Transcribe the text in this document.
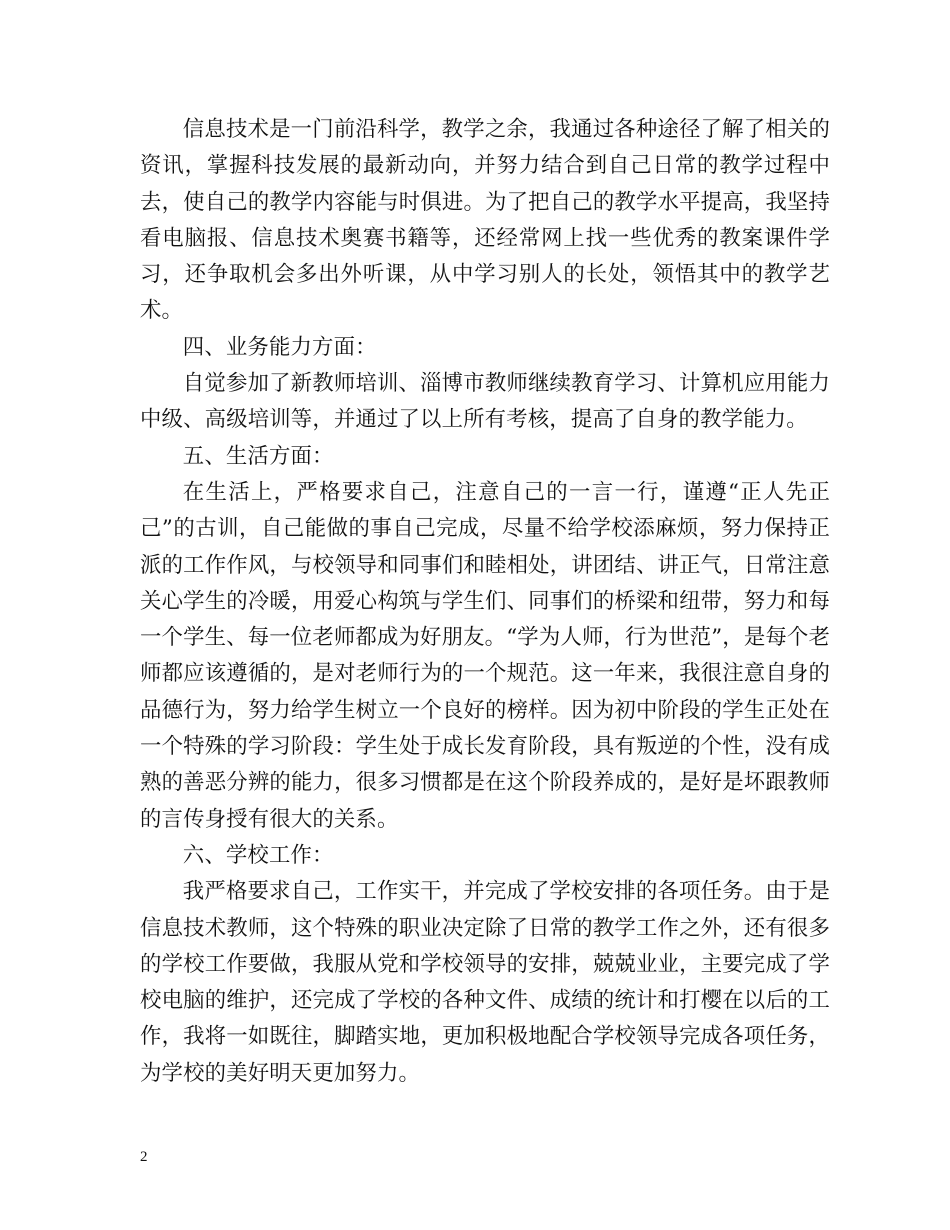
信息技术是一门前沿科学，教学之余，我通过各种途径了解了相关的资讯，掌握科技发展的最新动向，并努力结合到自己日常的教学过程中去，使自己的教学内容能与时俱进。为了把自己的教学水平提高，我坚持看电脑报、信息技术奥赛书籍等，还经常网上找一些优秀的教案课件学习，还争取机会多出外听课，从中学习别人的长处，领悟其中的教学艺术。

四、业务能力方面：

自觉参加了新教师培训、淄博市教师继续教育学习、计算机应用能力中级、高级培训等，并通过了以上所有考核，提高了自身的教学能力。

五、生活方面：

在生活上，严格要求自己，注意自己的一言一行，谨遵“正人先正己”的古训，自己能做的事自己完成，尽量不给学校添麻烦，努力保持正派的工作作风，与校领导和同事们和睦相处，讲团结、讲正气，日常注意关心学生的冷暖，用爱心构筑与学生们、同事们的桥梁和纽带，努力和每一个学生、每一位老师都成为好朋友。“学为人师，行为世范”，是每个老师都应该遵循的，是对老师行为的一个规范。这一年来，我很注意自身的品德行为，努力给学生树立一个良好的榜样。因为初中阶段的学生正处在一个特殊的学习阶段：学生处于成长发育阶段，具有叛逆的个性，没有成熟的善恶分辨的能力，很多习惯都是在这个阶段养成的，是好是坏跟教师的言传身授有很大的关系。

六、学校工作：

我严格要求自己，工作实干，并完成了学校安排的各项任务。由于是信息技术教师，这个特殊的职业决定除了日常的教学工作之外，还有很多的学校工作要做，我服从党和学校领导的安排，兢兢业业，主要完成了学校电脑的维护，还完成了学校的各种文件、成绩的统计和打樱在以后的工作，我将一如既往，脚踏实地，更加积极地配合学校领导完成各项任务，为学校的美好明天更加努力。

2
